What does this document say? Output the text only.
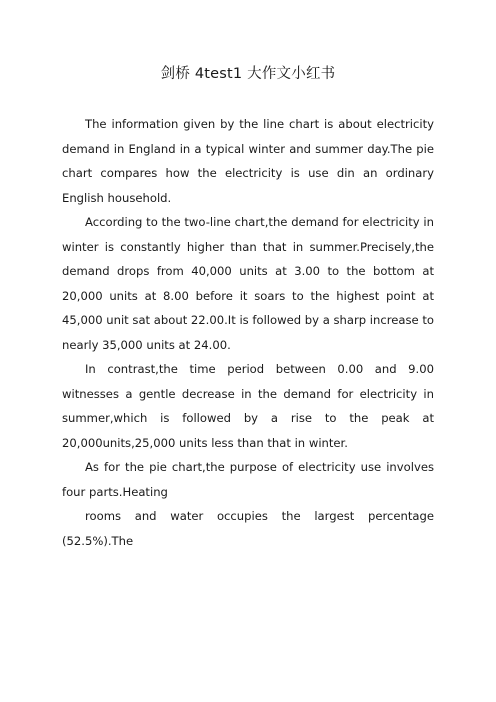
剑桥 4test1 大作文小红书

The information given by the line chart is about electricity demand in England in a typical winter and summer day.The pie chart compares how the electricity is use din an ordinary English household.

According to the two-line chart,the demand for electricity in winter is constantly higher than that in summer.Precisely,the demand drops from 40,000 units at 3.00 to the bottom at 20,000 units at 8.00 before it soars to the highest point at 45,000 unit sat about 22.00.It is followed by a sharp increase to nearly 35,000 units at 24.00.

In contrast,the time period between 0.00 and 9.00 witnesses a gentle decrease in the demand for electricity in summer,which is followed by a rise to the peak at 20,000units,25,000 units less than that in winter.

As for the pie chart,the purpose of electricity use involves four parts.Heating

rooms and water occupies the largest percentage (52.5%).The
